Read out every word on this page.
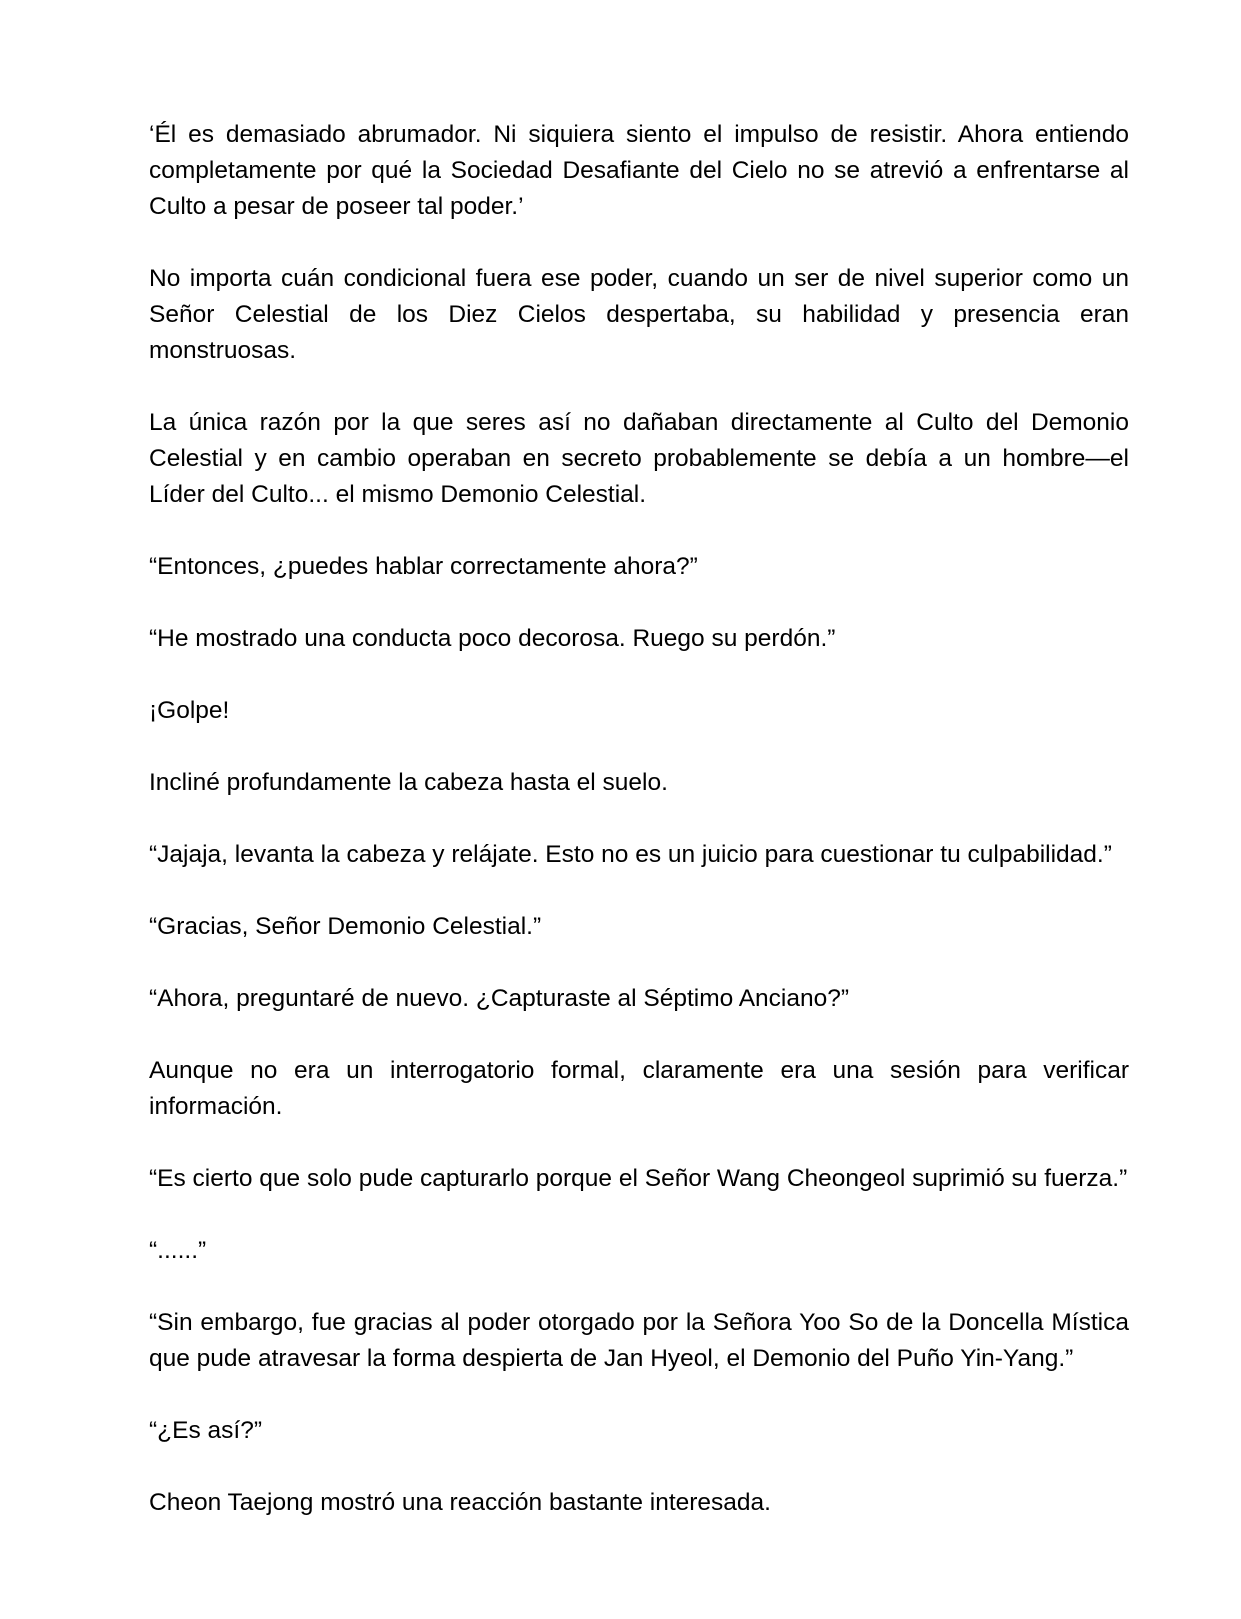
‘Él es demasiado abrumador. Ni siquiera siento el impulso de resistir. Ahora entiendo completamente por qué la Sociedad Desafiante del Cielo no se atrevió a enfrentarse al Culto a pesar de poseer tal poder.’

No importa cuán condicional fuera ese poder, cuando un ser de nivel superior como un Señor Celestial de los Diez Cielos despertaba, su habilidad y presencia eran monstruosas.

La única razón por la que seres así no dañaban directamente al Culto del Demonio Celestial y en cambio operaban en secreto probablemente se debía a un hombre—el Líder del Culto... el mismo Demonio Celestial.

“Entonces, ¿puedes hablar correctamente ahora?”

“He mostrado una conducta poco decorosa. Ruego su perdón.”

¡Golpe!

Incliné profundamente la cabeza hasta el suelo.

“Jajaja, levanta la cabeza y relájate. Esto no es un juicio para cuestionar tu culpabilidad.”

“Gracias, Señor Demonio Celestial.”

“Ahora, preguntaré de nuevo. ¿Capturaste al Séptimo Anciano?”

Aunque no era un interrogatorio formal, claramente era una sesión para verificar información.

“Es cierto que solo pude capturarlo porque el Señor Wang Cheongeol suprimió su fuerza.”

“......”

“Sin embargo, fue gracias al poder otorgado por la Señora Yoo So de la Doncella Mística que pude atravesar la forma despierta de Jan Hyeol, el Demonio del Puño Yin-Yang.”

“¿Es así?”

Cheon Taejong mostró una reacción bastante interesada.
